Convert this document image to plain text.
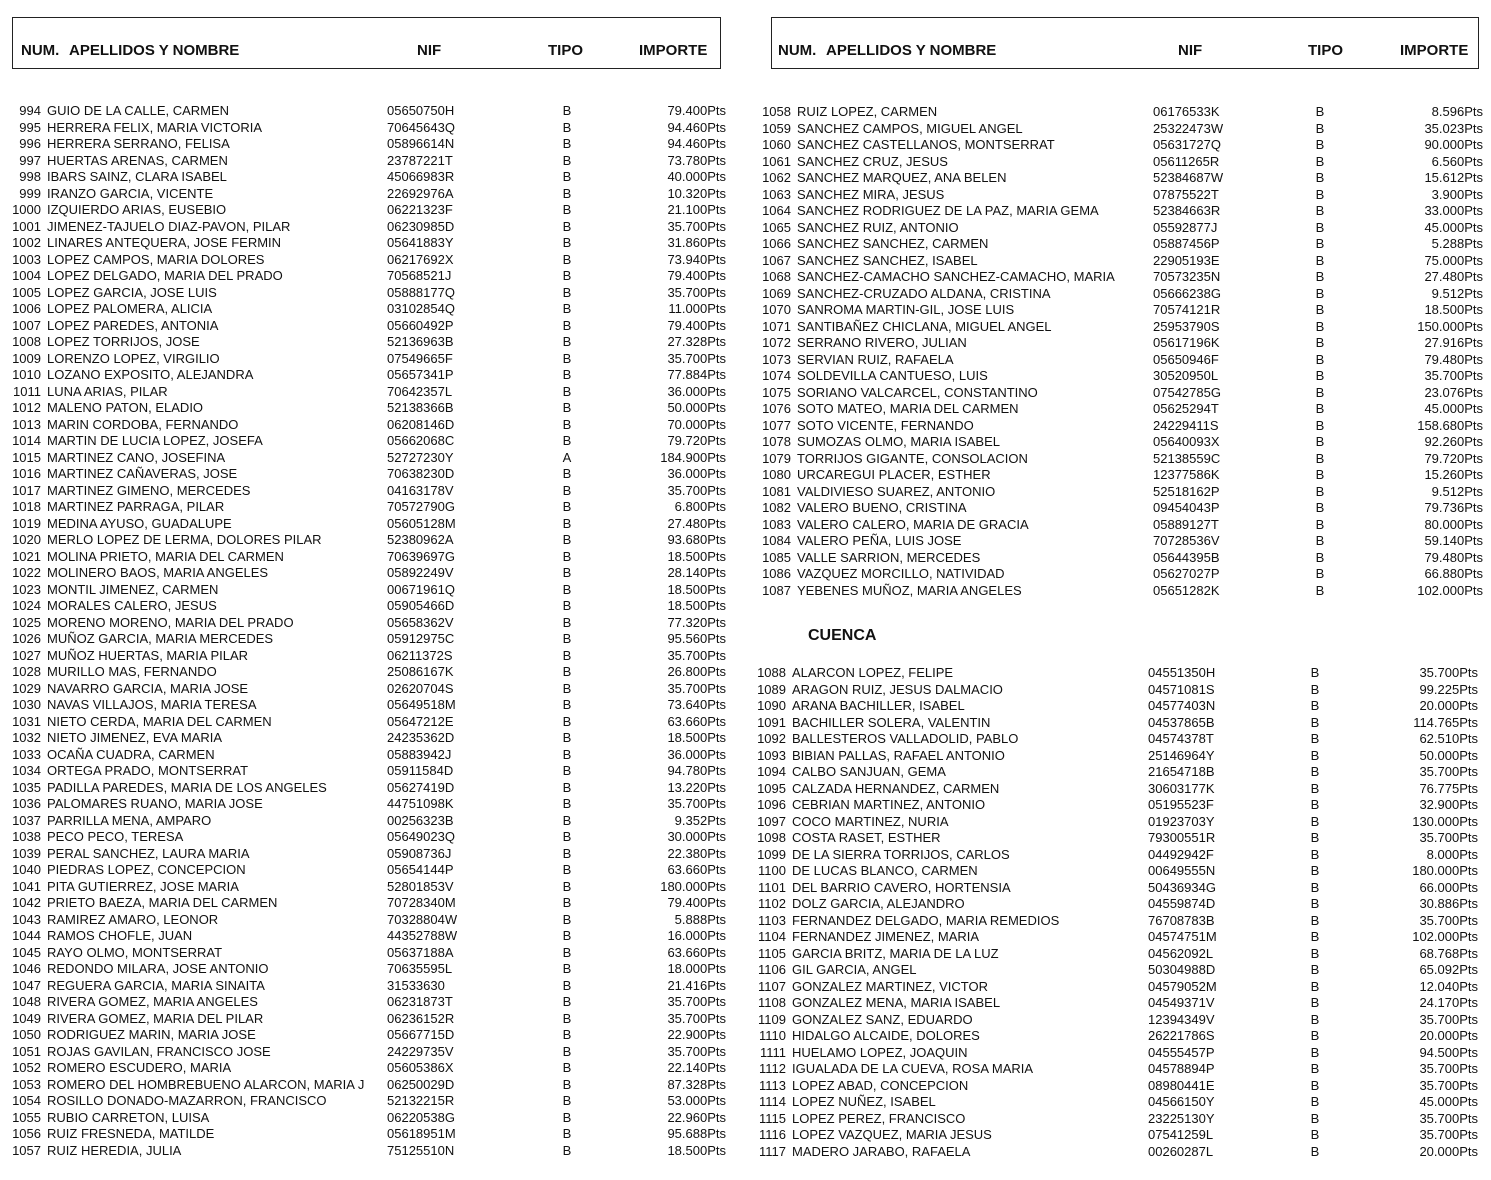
NUM. APELLIDOS Y NOMBRE	NIF	TIPO	IMPORTE	NUM. APELLIDOS Y NOMBRE	NIF	TIPO	IMPORTE
994 GUIO DE LA CALLE, CARMEN	05650750H	B	79.400Pts
995 HERRERA FELIX, MARIA VICTORIA	70645643Q	B	94.460Pts
996 HERRERA SERRANO, FELISA	05896614N	B	94.460Pts
997 HUERTAS ARENAS, CARMEN	23787221T	B	73.780Pts
998 IBARS SAINZ, CLARA ISABEL	45066983R	B	40.000Pts
999 IRANZO GARCIA, VICENTE	22692976A	B	10.320Pts
1000 IZQUIERDO ARIAS, EUSEBIO	06221323F	B	21.100Pts
1001 JIMENEZ-TAJUELO DIAZ-PAVON, PILAR	06230985D	B	35.700Pts
1002 LINARES ANTEQUERA, JOSE FERMIN	05641883Y	B	31.860Pts
1003 LOPEZ CAMPOS, MARIA DOLORES	06217692X	B	73.940Pts
1004 LOPEZ DELGADO, MARIA DEL PRADO	70568521J	B	79.400Pts
1005 LOPEZ GARCIA, JOSE LUIS	05888177Q	B	35.700Pts
1006 LOPEZ PALOMERA, ALICIA	03102854Q	B	11.000Pts
1007 LOPEZ PAREDES, ANTONIA	05660492P	B	79.400Pts
1008 LOPEZ TORRIJOS, JOSE	52136963B	B	27.328Pts
1009 LORENZO LOPEZ, VIRGILIO	07549665F	B	35.700Pts
1010 LOZANO EXPOSITO, ALEJANDRA	05657341P	B	77.884Pts
1011 LUNA ARIAS, PILAR	70642357L	B	36.000Pts
1012 MALENO PATON, ELADIO	52138366B	B	50.000Pts
1013 MARIN CORDOBA, FERNANDO	06208146D	B	70.000Pts
1014 MARTIN DE LUCIA LOPEZ, JOSEFA	05662068C	B	79.720Pts
1015 MARTINEZ CANO, JOSEFINA	52727230Y	A	184.900Pts
1016 MARTINEZ CAÑAVERAS, JOSE	70638230D	B	36.000Pts
1017 MARTINEZ GIMENO, MERCEDES	04163178V	B	35.700Pts
1018 MARTINEZ PARRAGA, PILAR	70572790G	B	6.800Pts
1019 MEDINA AYUSO, GUADALUPE	05605128M	B	27.480Pts
1020 MERLO LOPEZ DE LERMA, DOLORES PILAR	52380962A	B	93.680Pts
1021 MOLINA PRIETO, MARIA DEL CARMEN	70639697G	B	18.500Pts
1022 MOLINERO BAOS, MARIA ANGELES	05892249V	B	28.140Pts
1023 MONTIL JIMENEZ, CARMEN	00671961Q	B	18.500Pts
1024 MORALES CALERO, JESUS	05905466D	B	18.500Pts
1025 MORENO MORENO, MARIA DEL PRADO	05658362V	B	77.320Pts
1026 MUÑOZ GARCIA, MARIA MERCEDES	05912975C	B	95.560Pts
1027 MUÑOZ HUERTAS, MARIA PILAR	06211372S	B	35.700Pts
1028 MURILLO MAS, FERNANDO	25086167K	B	26.800Pts
1029 NAVARRO GARCIA, MARIA JOSE	02620704S	B	35.700Pts
1030 NAVAS VILLAJOS, MARIA TERESA	05649518M	B	73.640Pts
1031 NIETO CERDA, MARIA DEL CARMEN	05647212E	B	63.660Pts
1032 NIETO JIMENEZ, EVA MARIA	24235362D	B	18.500Pts
1033 OCAÑA CUADRA, CARMEN	05883942J	B	36.000Pts
1034 ORTEGA PRADO, MONTSERRAT	05911584D	B	94.780Pts
1035 PADILLA PAREDES, MARIA DE LOS ANGELES	05627419D	B	13.220Pts
1036 PALOMARES RUANO, MARIA JOSE	44751098K	B	35.700Pts
1037 PARRILLA MENA, AMPARO	00256323B	B	9.352Pts
1038 PECO PECO, TERESA	05649023Q	B	30.000Pts
1039 PERAL SANCHEZ, LAURA MARIA	05908736J	B	22.380Pts
1040 PIEDRAS LOPEZ, CONCEPCION	05654144P	B	63.660Pts
1041 PITA GUTIERREZ, JOSE MARIA	52801853V	B	180.000Pts
1042 PRIETO BAEZA, MARIA DEL CARMEN	70728340M	B	79.400Pts
1043 RAMIREZ AMARO, LEONOR	70328804W	B	5.888Pts
1044 RAMOS CHOFLE, JUAN	44352788W	B	16.000Pts
1045 RAYO OLMO, MONTSERRAT	05637188A	B	63.660Pts
1046 REDONDO MILARA, JOSE ANTONIO	70635595L	B	18.000Pts
1047 REGUERA GARCIA, MARIA SINAITA	31533630	B	21.416Pts
1048 RIVERA GOMEZ, MARIA ANGELES	06231873T	B	35.700Pts
1049 RIVERA GOMEZ, MARIA DEL PILAR	06236152R	B	35.700Pts
1050 RODRIGUEZ MARIN, MARIA JOSE	05667715D	B	22.900Pts
1051 ROJAS GAVILAN, FRANCISCO JOSE	24229735V	B	35.700Pts
1052 ROMERO ESCUDERO, MARIA	05605386X	B	22.140Pts
1053 ROMERO DEL HOMBREBUENO ALARCON, MARIA J	06250029D	B	87.328Pts
1054 ROSILLO DONADO-MAZARRON, FRANCISCO	52132215R	B	53.000Pts
1055 RUBIO CARRETON, LUISA	06220538G	B	22.960Pts
1056 RUIZ FRESNEDA, MATILDE	05618951M	B	95.688Pts
1057 RUIZ HEREDIA, JULIA	75125510N	B	18.500Pts
1058 RUIZ LOPEZ, CARMEN	06176533K	B	8.596Pts
1059 SANCHEZ CAMPOS, MIGUEL ANGEL	25322473W	B	35.023Pts
1060 SANCHEZ CASTELLANOS, MONTSERRAT	05631727Q	B	90.000Pts
1061 SANCHEZ CRUZ, JESUS	05611265R	B	6.560Pts
1062 SANCHEZ MARQUEZ, ANA BELEN	52384687W	B	15.612Pts
1063 SANCHEZ MIRA, JESUS	07875522T	B	3.900Pts
1064 SANCHEZ RODRIGUEZ DE LA PAZ, MARIA GEMA	52384663R	B	33.000Pts
1065 SANCHEZ RUIZ, ANTONIO	05592877J	B	45.000Pts
1066 SANCHEZ SANCHEZ, CARMEN	05887456P	B	5.288Pts
1067 SANCHEZ SANCHEZ, ISABEL	22905193E	B	75.000Pts
1068 SANCHEZ-CAMACHO SANCHEZ-CAMACHO, MARIA	70573235N	B	27.480Pts
1069 SANCHEZ-CRUZADO ALDANA, CRISTINA	05666238G	B	9.512Pts
1070 SANROMA MARTIN-GIL, JOSE LUIS	70574121R	B	18.500Pts
1071 SANTIBAÑEZ CHICLANA, MIGUEL ANGEL	25953790S	B	150.000Pts
1072 SERRANO RIVERO, JULIAN	05617196K	B	27.916Pts
1073 SERVIAN RUIZ, RAFAELA	05650946F	B	79.480Pts
1074 SOLDEVILLA CANTUESO, LUIS	30520950L	B	35.700Pts
1075 SORIANO VALCARCEL, CONSTANTINO	07542785G	B	23.076Pts
1076 SOTO MATEO, MARIA DEL CARMEN	05625294T	B	45.000Pts
1077 SOTO VICENTE, FERNANDO	24229411S	B	158.680Pts
1078 SUMOZAS OLMO, MARIA ISABEL	05640093X	B	92.260Pts
1079 TORRIJOS GIGANTE, CONSOLACION	52138559C	B	79.720Pts
1080 URCAREGUI PLACER, ESTHER	12377586K	B	15.260Pts
1081 VALDIVIESO SUAREZ, ANTONIO	52518162P	B	9.512Pts
1082 VALERO BUENO, CRISTINA	09454043P	B	79.736Pts
1083 VALERO CALERO, MARIA DE GRACIA	05889127T	B	80.000Pts
1084 VALERO PEÑA, LUIS JOSE	70728536V	B	59.140Pts
1085 VALLE SARRION, MERCEDES	05644395B	B	79.480Pts
1086 VAZQUEZ MORCILLO, NATIVIDAD	05627027P	B	66.880Pts
1087 YEBENES MUÑOZ, MARIA ANGELES	05651282K	B	102.000Pts
CUENCA
1088 ALARCON LOPEZ, FELIPE	04551350H	B	35.700Pts
1089 ARAGON RUIZ, JESUS DALMACIO	04571081S	B	99.225Pts
1090 ARANA BACHILLER, ISABEL	04577403N	B	20.000Pts
1091 BACHILLER SOLERA, VALENTIN	04537865B	B	114.765Pts
1092 BALLESTEROS VALLADOLID, PABLO	04574378T	B	62.510Pts
1093 BIBIAN PALLAS, RAFAEL ANTONIO	25146964Y	B	50.000Pts
1094 CALBO SANJUAN, GEMA	21654718B	B	35.700Pts
1095 CALZADA HERNANDEZ, CARMEN	30603177K	B	76.775Pts
1096 CEBRIAN MARTINEZ, ANTONIO	05195523F	B	32.900Pts
1097 COCO MARTINEZ, NURIA	01923703Y	B	130.000Pts
1098 COSTA RASET, ESTHER	79300551R	B	35.700Pts
1099 DE LA SIERRA TORRIJOS, CARLOS	04492942F	B	8.000Pts
1100 DE LUCAS BLANCO, CARMEN	00649555N	B	180.000Pts
1101 DEL BARRIO CAVERO, HORTENSIA	50436934G	B	66.000Pts
1102 DOLZ GARCIA, ALEJANDRO	04559874D	B	30.886Pts
1103 FERNANDEZ DELGADO, MARIA REMEDIOS	76708783B	B	35.700Pts
1104 FERNANDEZ JIMENEZ, MARIA	04574751M	B	102.000Pts
1105 GARCIA BRITZ, MARIA DE LA LUZ	04562092L	B	68.768Pts
1106 GIL GARCIA, ANGEL	50304988D	B	65.092Pts
1107 GONZALEZ MARTINEZ, VICTOR	04579052M	B	12.040Pts
1108 GONZALEZ MENA, MARIA ISABEL	04549371V	B	24.170Pts
1109 GONZALEZ SANZ, EDUARDO	12394349V	B	35.700Pts
1110 HIDALGO ALCAIDE, DOLORES	26221786S	B	20.000Pts
1111 HUELAMO LOPEZ, JOAQUIN	04555457P	B	94.500Pts
1112 IGUALADA DE LA CUEVA, ROSA MARIA	04578894P	B	35.700Pts
1113 LOPEZ ABAD, CONCEPCION	08980441E	B	35.700Pts
1114 LOPEZ NUÑEZ, ISABEL	04566150Y	B	45.000Pts
1115 LOPEZ PEREZ, FRANCISCO	23225130Y	B	35.700Pts
1116 LOPEZ VAZQUEZ, MARIA JESUS	07541259L	B	35.700Pts
1117 MADERO JARABO, RAFAELA	00260287L	B	20.000Pts
